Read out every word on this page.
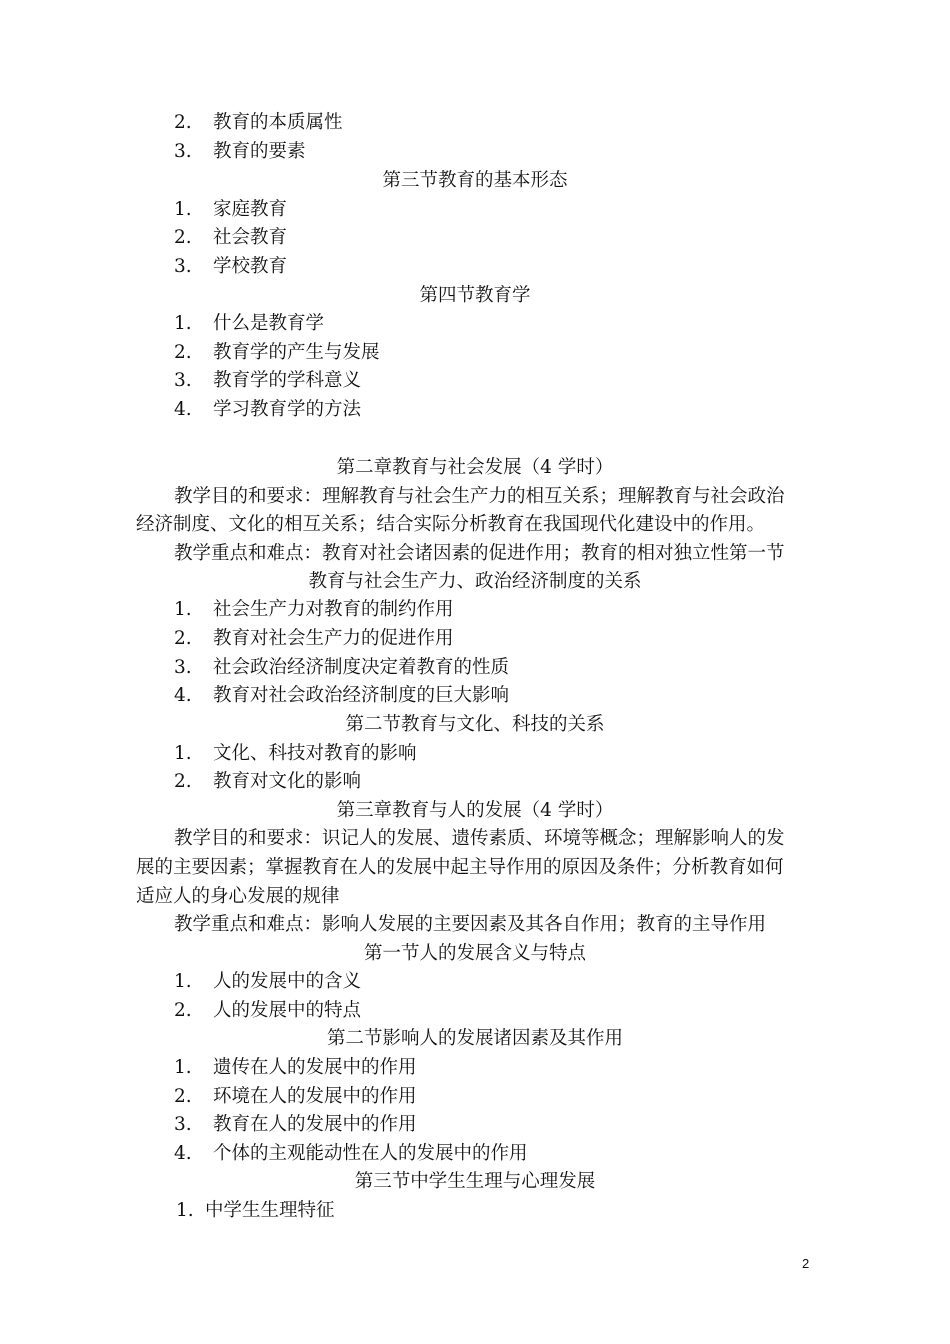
2. 教育的本质属性
3. 教育的要素
第三节教育的基本形态
1. 家庭教育
2. 社会教育
3. 学校教育
第四节教育学
1. 什么是教育学
2. 教育学的产生与发展
3. 教育学的学科意义
4. 学习教育学的方法
第二章教育与社会发展（4 学时）
教学目的和要求：理解教育与社会生产力的相互关系；理解教育与社会政治
经济制度、文化的相互关系；结合实际分析教育在我国现代化建设中的作用。
教学重点和难点：教育对社会诸因素的促进作用；教育的相对独立性第一节
教育与社会生产力、政治经济制度的关系
1. 社会生产力对教育的制约作用
2. 教育对社会生产力的促进作用
3. 社会政治经济制度决定着教育的性质
4. 教育对社会政治经济制度的巨大影响
第二节教育与文化、科技的关系
1. 文化、科技对教育的影响
2. 教育对文化的影响
第三章教育与人的发展（4 学时）
教学目的和要求：识记人的发展、遗传素质、环境等概念；理解影响人的发
展的主要因素；掌握教育在人的发展中起主导作用的原因及条件；分析教育如何
适应人的身心发展的规律
教学重点和难点：影响人发展的主要因素及其各自作用；教育的主导作用
第一节人的发展含义与特点
1. 人的发展中的含义
2. 人的发展中的特点
第二节影响人的发展诸因素及其作用
1. 遗传在人的发展中的作用
2. 环境在人的发展中的作用
3. 教育在人的发展中的作用
4. 个体的主观能动性在人的发展中的作用
第三节中学生生理与心理发展
1. 中学生生理特征
2
